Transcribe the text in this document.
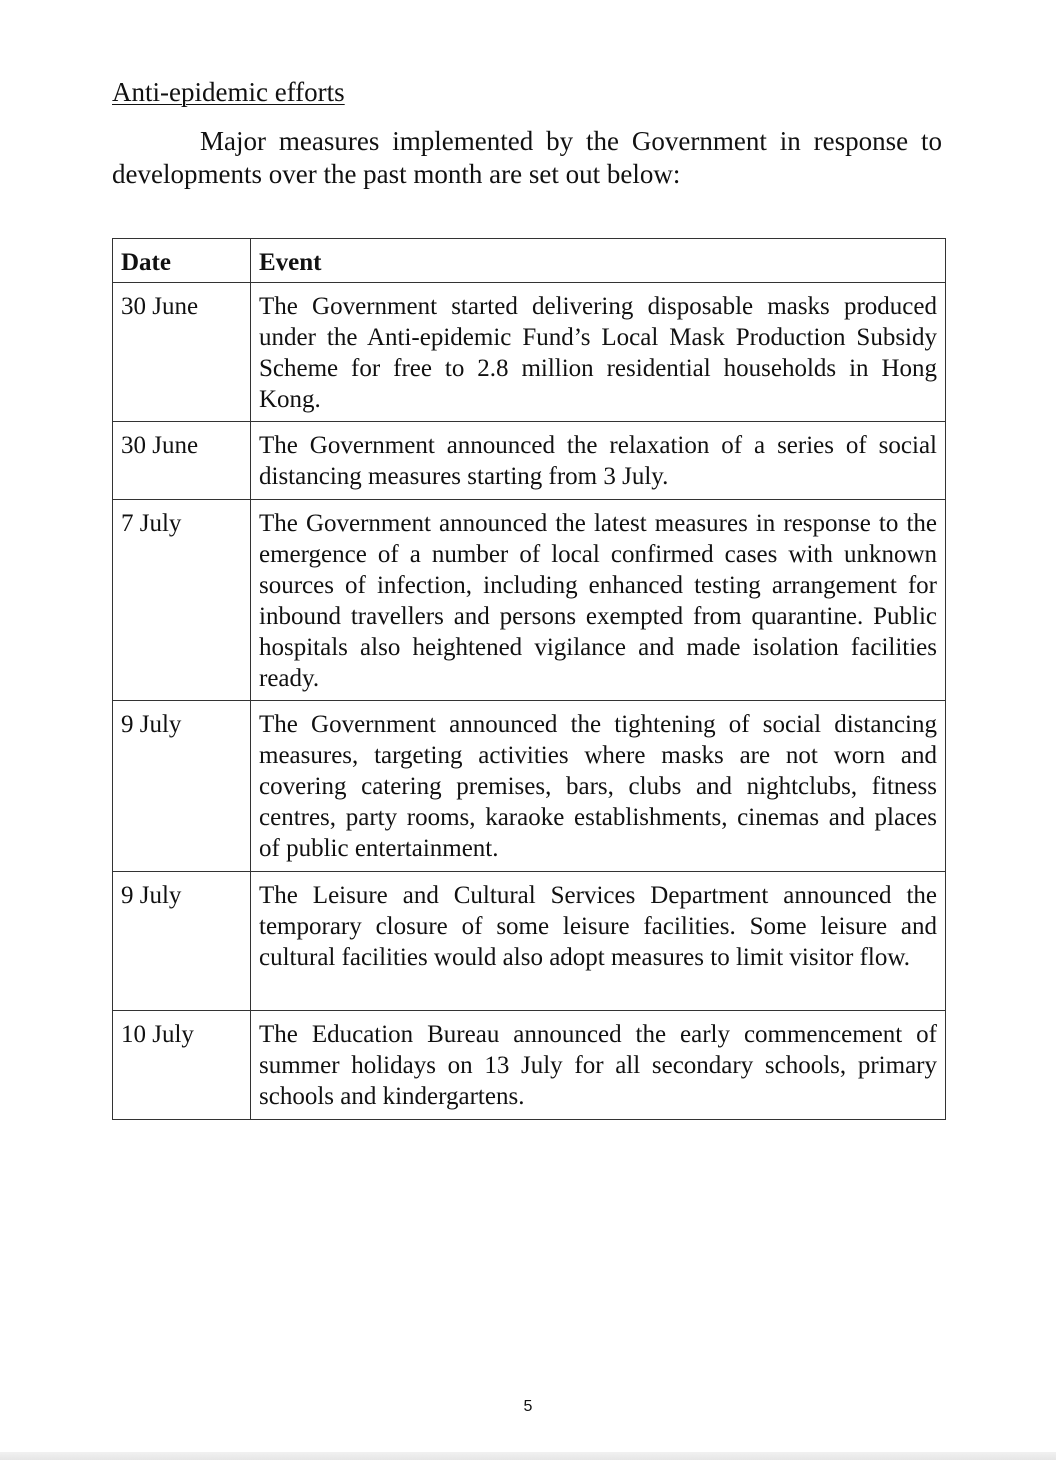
Anti-epidemic efforts

Major measures implemented by the Government in response to developments over the past month are set out below:

Date	Event
30 June	The Government started delivering disposable masks produced under the Anti-epidemic Fund’s Local Mask Production Subsidy Scheme for free to 2.8 million residential households in Hong Kong.
30 June	The Government announced the relaxation of a series of social distancing measures starting from 3 July.
7 July	The Government announced the latest measures in response to the emergence of a number of local confirmed cases with unknown sources of infection, including enhanced testing arrangement for inbound travellers and persons exempted from quarantine. Public hospitals also heightened vigilance and made isolation facilities ready.
9 July	The Government announced the tightening of social distancing measures, targeting activities where masks are not worn and covering catering premises, bars, clubs and nightclubs, fitness centres, party rooms, karaoke establishments, cinemas and places of public entertainment.
9 July	The Leisure and Cultural Services Department announced the temporary closure of some leisure facilities. Some leisure and cultural facilities would also adopt measures to limit visitor flow.
10 July	The Education Bureau announced the early commencement of summer holidays on 13 July for all secondary schools, primary schools and kindergartens.
5
